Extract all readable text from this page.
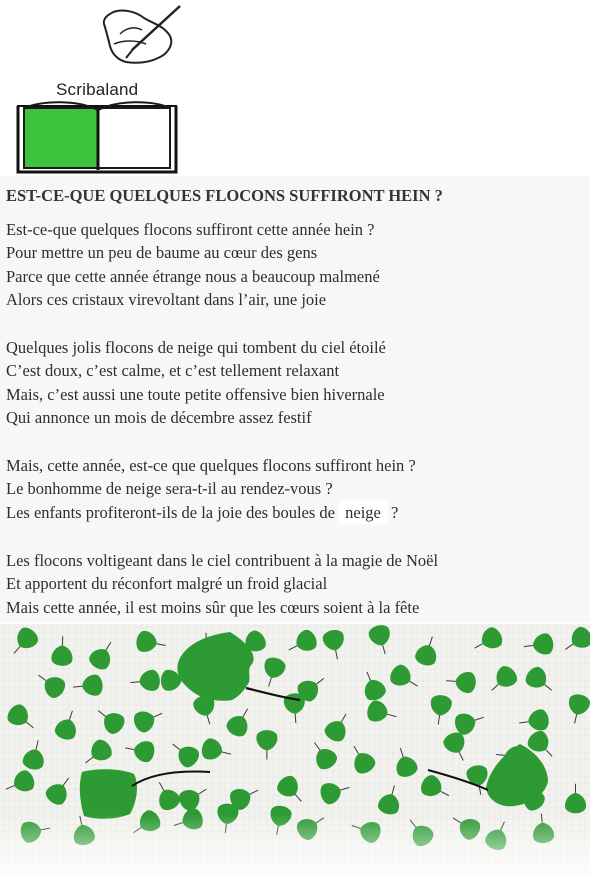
Scribaland
EST-CE-QUE QUELQUES FLOCONS SUFFIRONT HEIN ?
Est-ce-que quelques flocons suffiront cette année hein ?
Pour mettre un peu de baume au cœur des gens
Parce que cette année étrange nous a beaucoup malmené
Alors ces cristaux virevoltant dans l’air, une joie
Quelques jolis flocons de neige qui tombent du ciel étoilé
C’est doux, c’est calme, et c’est tellement relaxant
Mais, c’est aussi une toute petite offensive bien hivernale
Qui annonce un mois de décembre assez festif
Mais, cette année, est-ce que quelques flocons suffiront hein ?
Le bonhomme de neige sera-t-il au rendez-vous ?
Les enfants profiteront-ils de la joie des boules de neige ?
Les flocons voltigeant dans le ciel contribuent à la magie de Noël
Et apportent du réconfort malgré un froid glacial
Mais cette année, il est moins sûr que les cœurs soient à la fête
